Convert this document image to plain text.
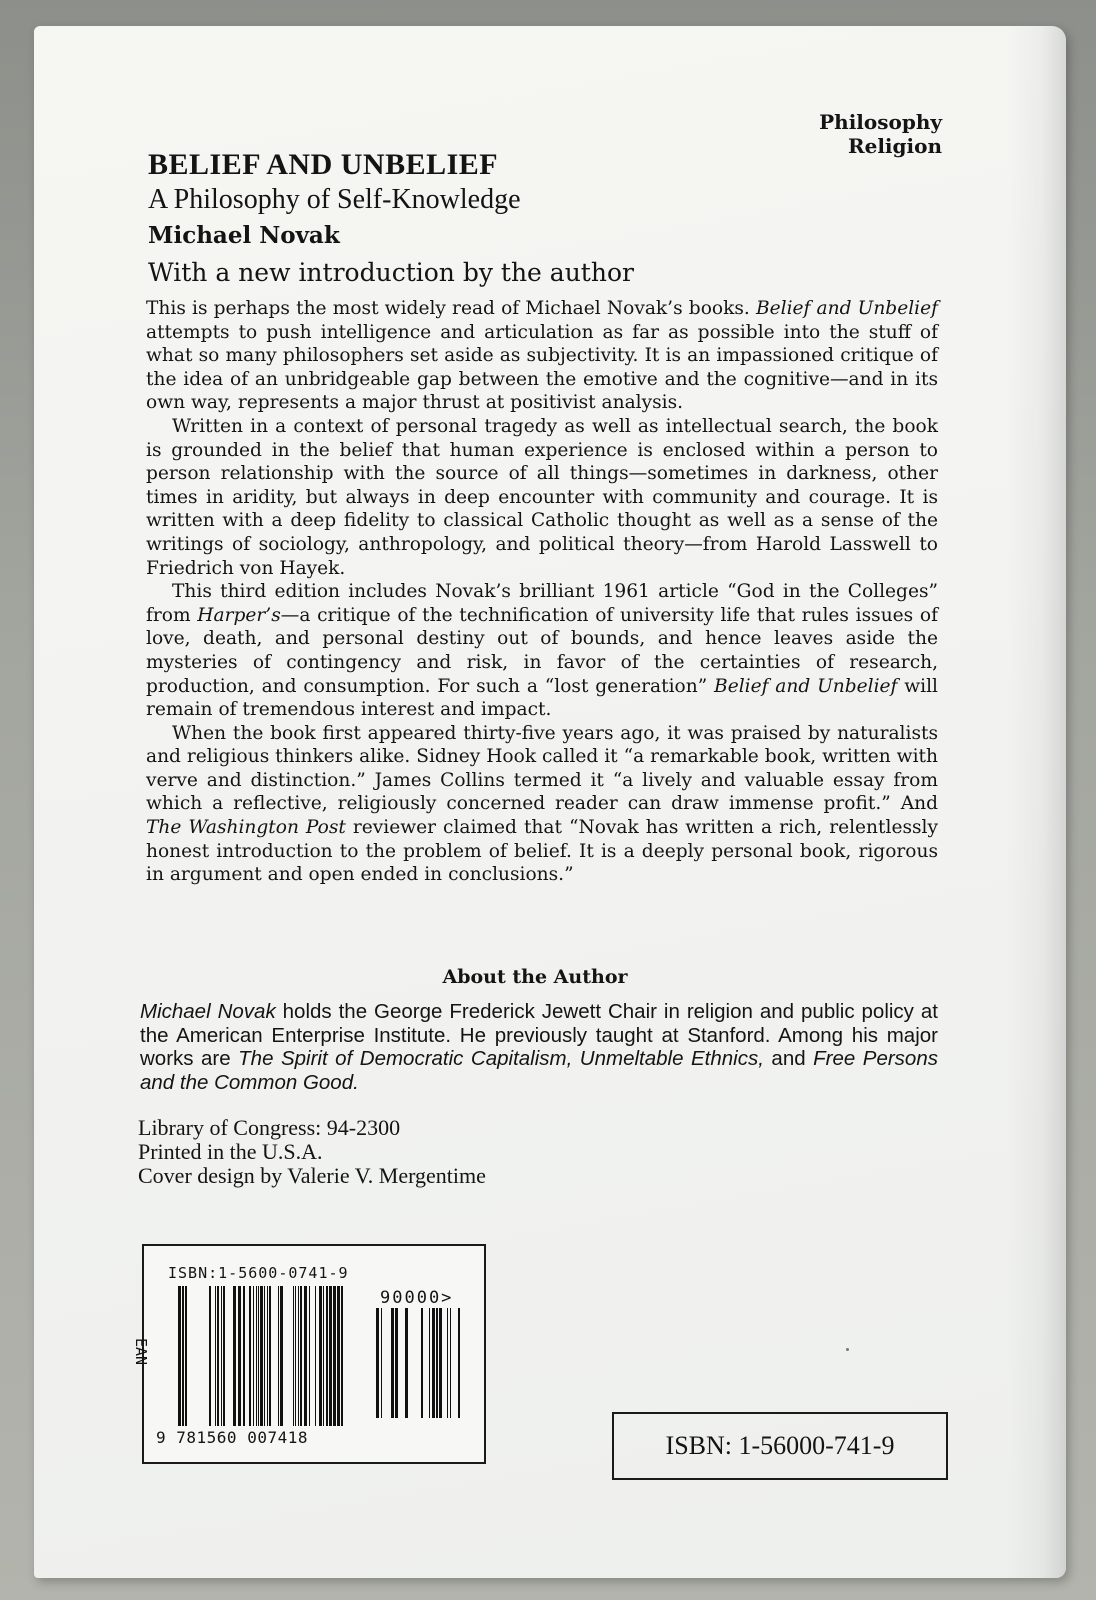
Philosophy
Religion
BELIEF AND UNBELIEF
A Philosophy of Self-Knowledge
Michael Novak
With a new introduction by the author

This is perhaps the most widely read of Michael Novak’s books. Belief and Unbelief attempts to push intelligence and articulation as far as possible into the stuff of what so many philosophers set aside as subjectivity. It is an impassioned critique of the idea of an unbridgeable gap between the emotive and the cognitive—and in its own way, represents a major thrust at positivist analysis.

Written in a context of personal tragedy as well as intellectual search, the book is grounded in the belief that human experience is enclosed within a person to person relationship with the source of all things—sometimes in darkness, other times in aridity, but always in deep encounter with community and courage. It is written with a deep fidelity to classical Catholic thought as well as a sense of the writings of sociology, anthropology, and political theory—from Harold Lasswell to Friedrich von Hayek.

This third edition includes Novak’s brilliant 1961 article “God in the Colleges” from Harper’s—a critique of the technification of university life that rules issues of love, death, and personal destiny out of bounds, and hence leaves aside the mysteries of contingency and risk, in favor of the certainties of research, production, and consumption. For such a “lost generation” Belief and Unbelief will remain of tremendous interest and impact.

When the book first appeared thirty-five years ago, it was praised by naturalists and religious thinkers alike. Sidney Hook called it “a remarkable book, written with verve and distinction.” James Collins termed it “a lively and valuable essay from which a reflective, religiously concerned reader can draw immense profit.” And The Washington Post reviewer claimed that “Novak has written a rich, relentlessly honest introduction to the problem of belief. It is a deeply personal book, rigorous in argument and open ended in conclusions.”

About the Author
Michael Novak holds the George Frederick Jewett Chair in religion and public policy at the American Enterprise Institute. He previously taught at Stanford. Among his major works are The Spirit of Democratic Capitalism, Unmeltable Ethnics, and Free Persons and the Common Good.
Library of Congress: 94-2300
Printed in the U.S.A.
Cover design by Valerie V. Mergentime
ISBN:1-5600-0741-9
EAN
90000>
9 781560 007418	ISBN: 1-56000-741-9
